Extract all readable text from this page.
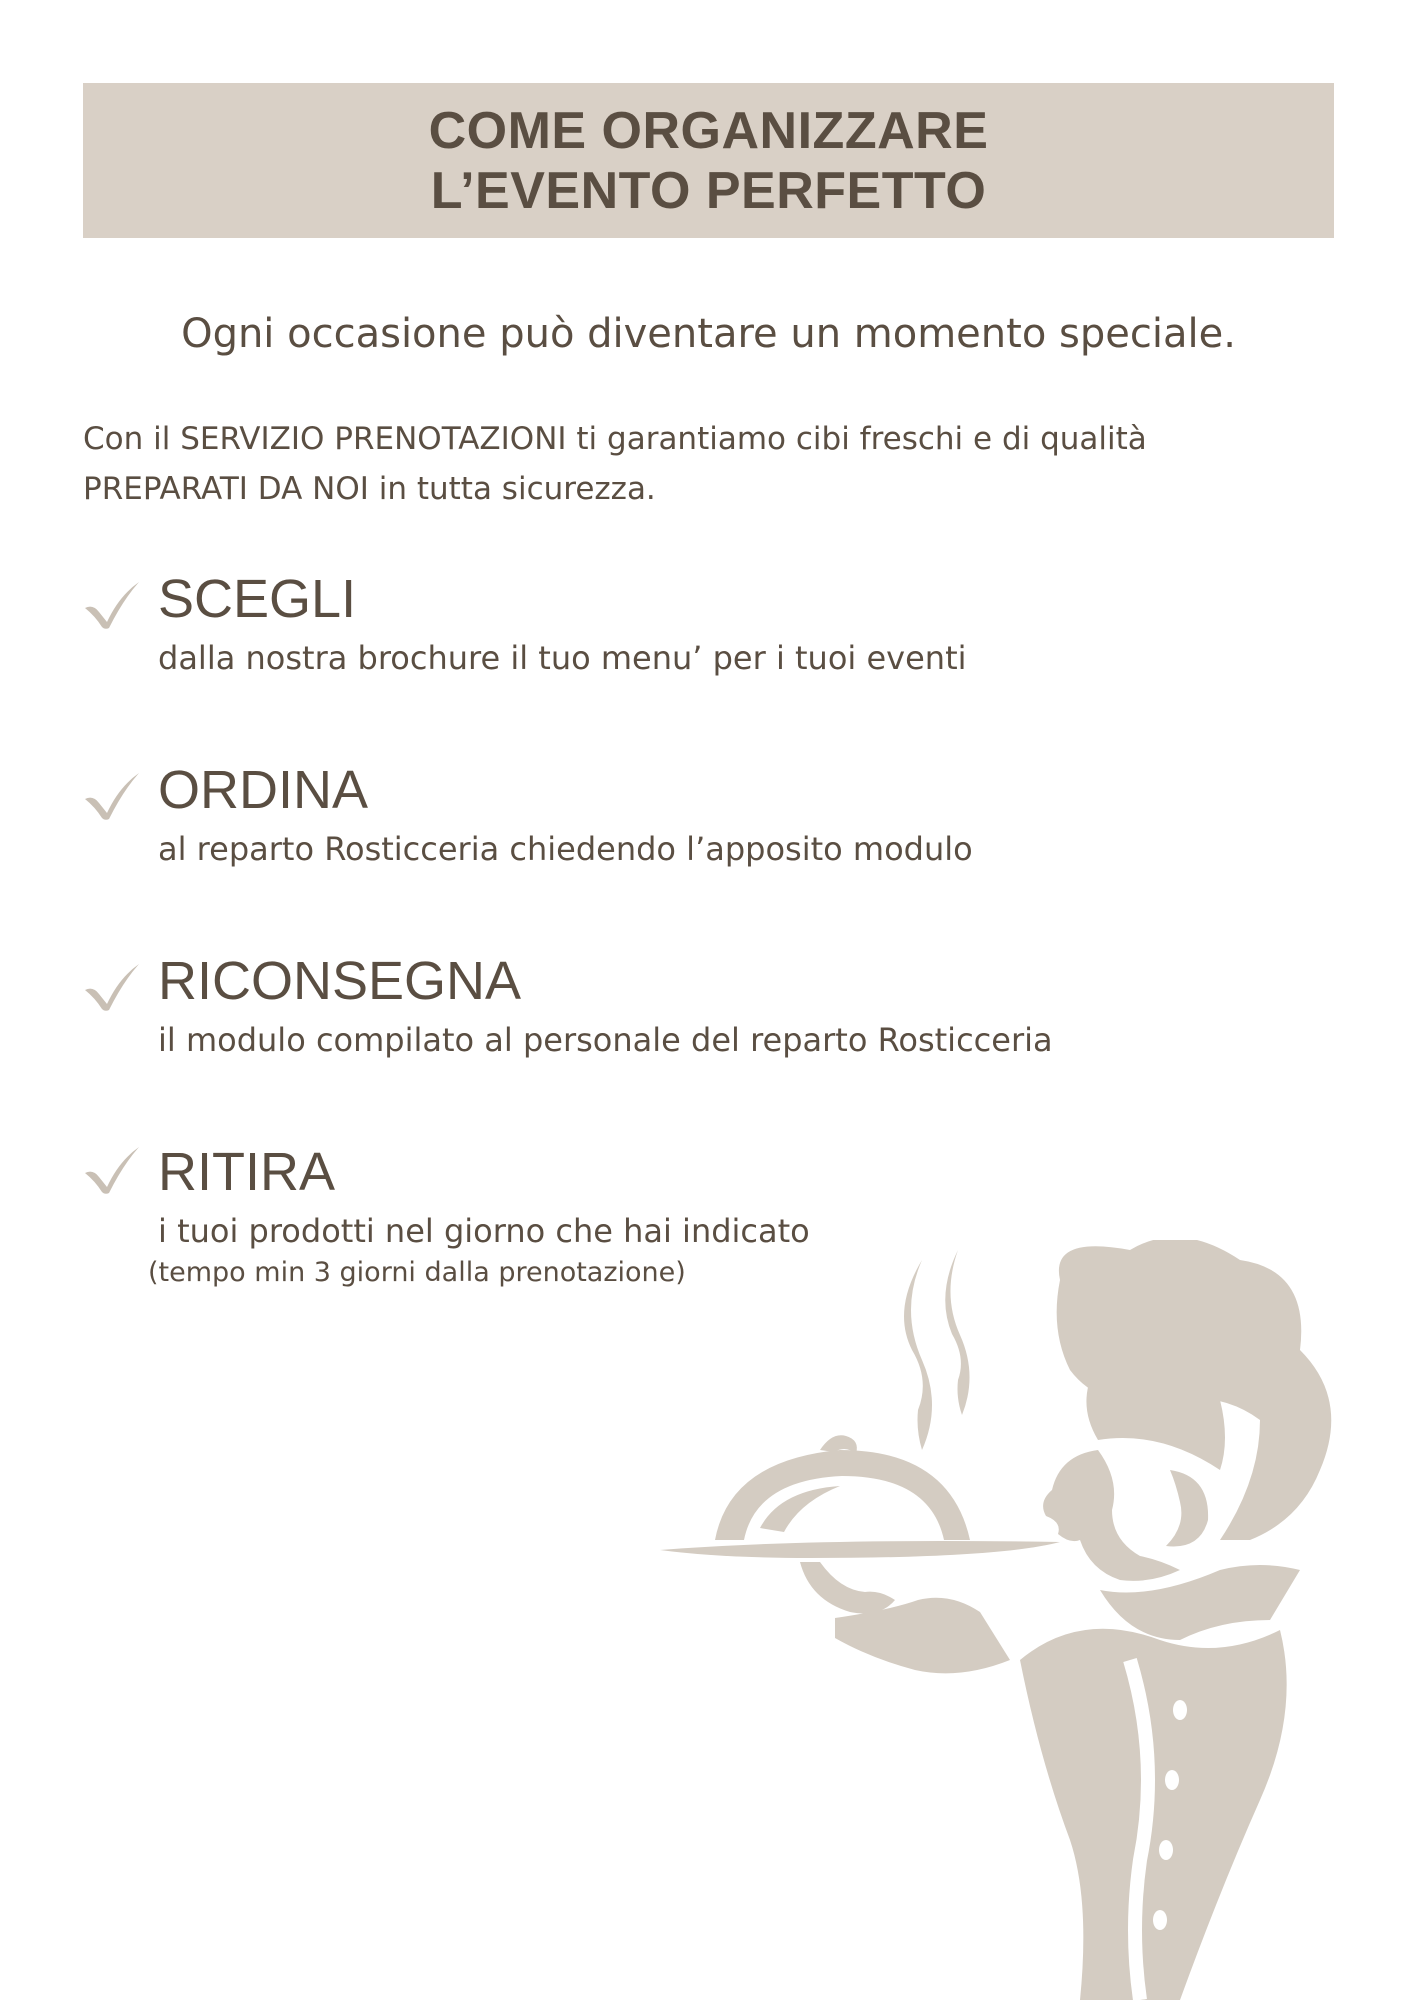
COME ORGANIZZARE
L’EVENTO PERFETTO
Ogni occasione può diventare un momento speciale.
Con il SERVIZIO PRENOTAZIONI ti garantiamo cibi freschi e di qualità
PREPARATI DA NOI in tutta sicurezza.
SCEGLI
dalla nostra brochure il tuo menu’ per i tuoi eventi
ORDINA
al reparto Rosticceria chiedendo l’apposito modulo
RICONSEGNA
il modulo compilato al personale del reparto Rosticceria
RITIRA
i tuoi prodotti nel giorno che hai indicato
(tempo min 3 giorni dalla prenotazione)
